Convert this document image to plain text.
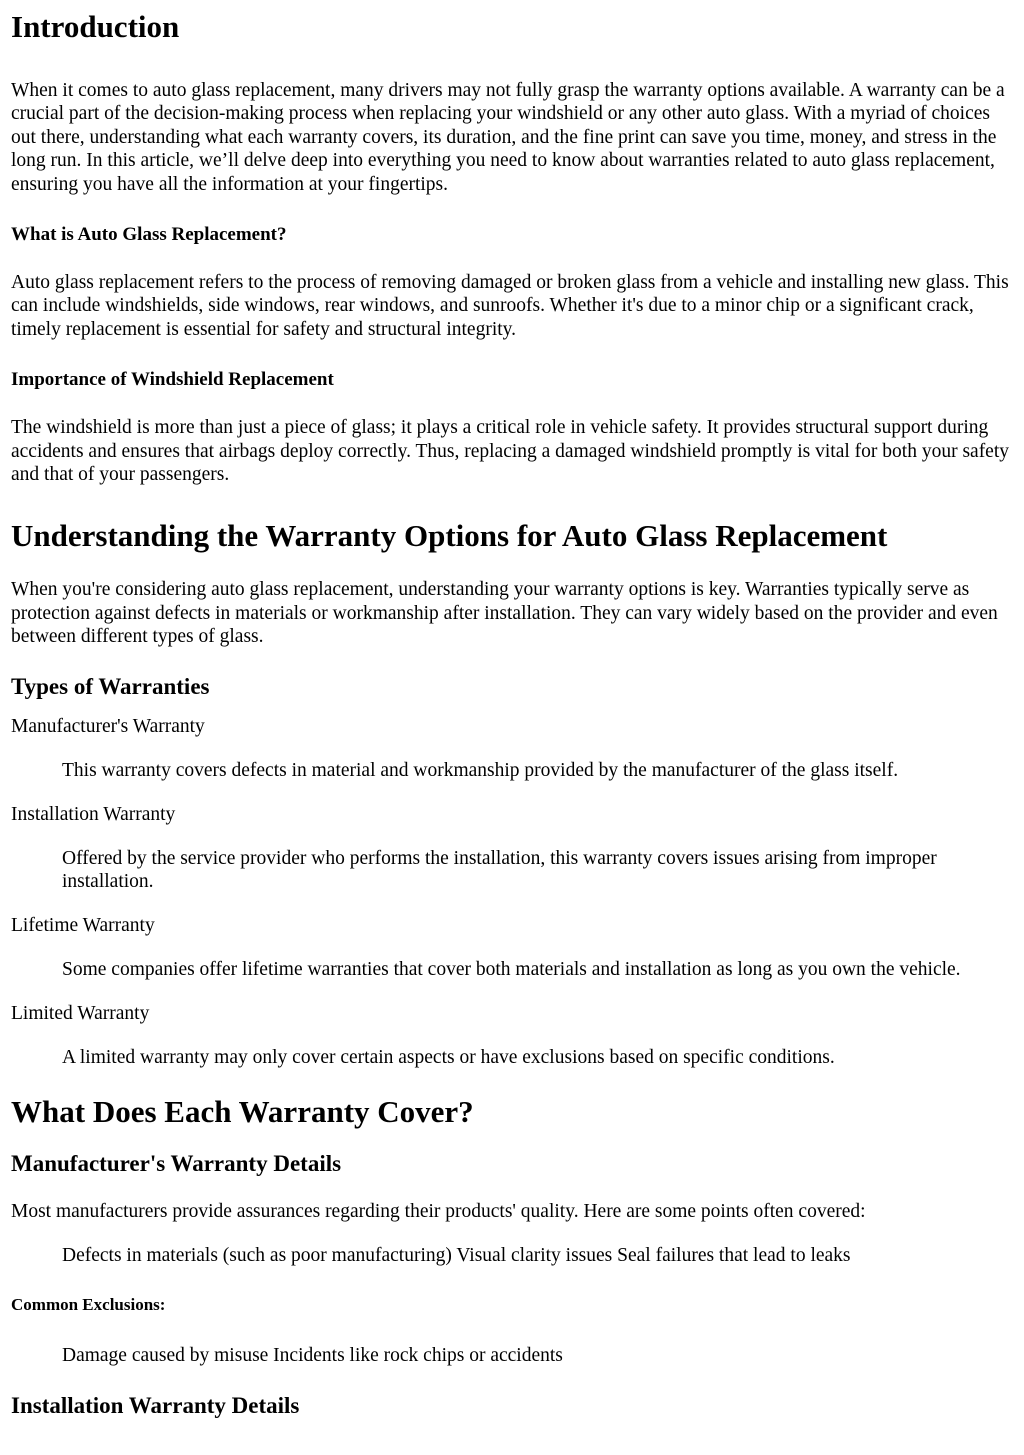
Introduction

When it comes to auto glass replacement, many drivers may not fully grasp the warranty options available. A warranty can be a crucial part of the decision-making process when replacing your windshield or any other auto glass. With a myriad of choices out there, understanding what each warranty covers, its duration, and the fine print can save you time, money, and stress in the long run. In this article, we’ll delve deep into everything you need to know about warranties related to auto glass replacement, ensuring you have all the information at your fingertips.

What is Auto Glass Replacement?

Auto glass replacement refers to the process of removing damaged or broken glass from a vehicle and installing new glass. This can include windshields, side windows, rear windows, and sunroofs. Whether it's due to a minor chip or a significant crack, timely replacement is essential for safety and structural integrity.

Importance of Windshield Replacement

The windshield is more than just a piece of glass; it plays a critical role in vehicle safety. It provides structural support during accidents and ensures that airbags deploy correctly. Thus, replacing a damaged windshield promptly is vital for both your safety and that of your passengers.

Understanding the Warranty Options for Auto Glass Replacement

When you're considering auto glass replacement, understanding your warranty options is key. Warranties typically serve as protection against defects in materials or workmanship after installation. They can vary widely based on the provider and even between different types of glass.

Types of Warranties
Manufacturer's Warranty
This warranty covers defects in material and workmanship provided by the manufacturer of the glass itself.
Installation Warranty
Offered by the service provider who performs the installation, this warranty covers issues arising from improper installation.
Lifetime Warranty
Some companies offer lifetime warranties that cover both materials and installation as long as you own the vehicle.
Limited Warranty
A limited warranty may only cover certain aspects or have exclusions based on specific conditions.
What Does Each Warranty Cover?
Manufacturer's Warranty Details

Most manufacturers provide assurances regarding their products' quality. Here are some points often covered:

Defects in materials (such as poor manufacturing) Visual clarity issues Seal failures that lead to leaks
Common Exclusions:
Damage caused by misuse Incidents like rock chips or accidents
Installation Warranty Details
